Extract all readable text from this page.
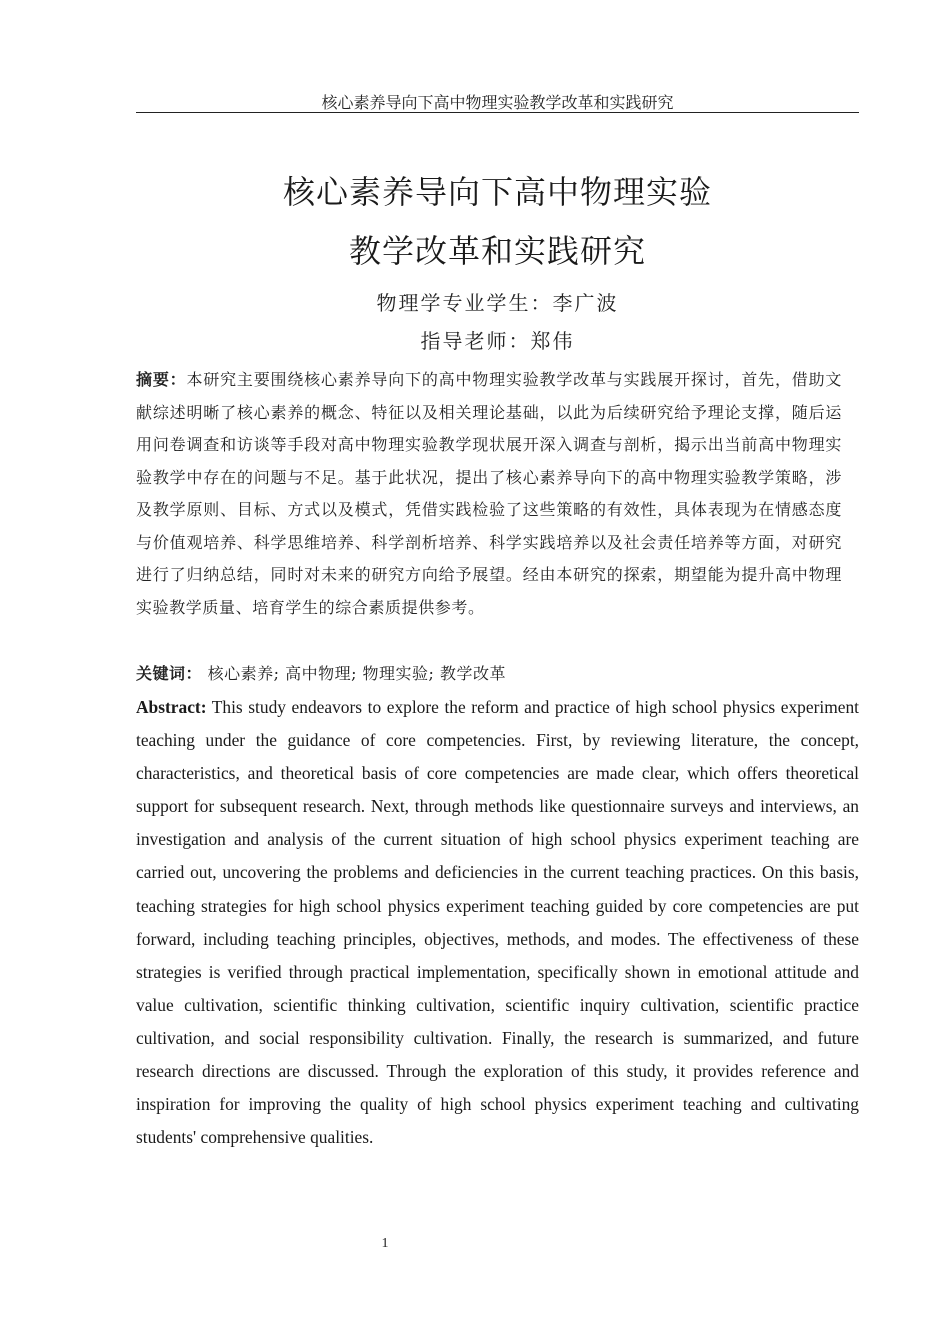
核心素养导向下高中物理实验教学改革和实践研究
核心素养导向下高中物理实验
教学改革和实践研究
物理学专业学生：李广波
指导老师：郑伟
摘要：本研究主要围绕核心素养导向下的高中物理实验教学改革与实践展开探讨，首先，借助文献综述明晰了核心素养的概念、特征以及相关理论基础，以此为后续研究给予理论支撑，随后运用问卷调查和访谈等手段对高中物理实验教学现状展开深入调查与剖析，揭示出当前高中物理实验教学中存在的问题与不足。基于此状况，提出了核心素养导向下的高中物理实验教学策略，涉及教学原则、目标、方式以及模式，凭借实践检验了这些策略的有效性，具体表现为在情感态度与价值观培养、科学思维培养、科学剖析培养、科学实践培养以及社会责任培养等方面，对研究进行了归纳总结，同时对未来的研究方向给予展望。经由本研究的探索，期望能为提升高中物理实验教学质量、培育学生的综合素质提供参考。
关键词： 核心素养; 高中物理; 物理实验; 教学改革
Abstract: This study endeavors to explore the reform and practice of high school physics experiment teaching under the guidance of core competencies. First, by reviewing literature, the concept, characteristics, and theoretical basis of core competencies are made clear, which offers theoretical support for subsequent research. Next, through methods like questionnaire surveys and interviews, an investigation and analysis of the current situation of high school physics experiment teaching are carried out, uncovering the problems and deficiencies in the current teaching practices. On this basis, teaching strategies for high school physics experiment teaching guided by core competencies are put forward, including teaching principles, objectives, methods, and modes. The effectiveness of these strategies is verified through practical implementation, specifically shown in emotional attitude and value cultivation, scientific thinking cultivation, scientific inquiry cultivation, scientific practice cultivation, and social responsibility cultivation. Finally, the research is summarized, and future research directions are discussed. Through the exploration of this study, it provides reference and inspiration for improving the quality of high school physics experiment teaching and cultivating students' comprehensive qualities.
1
